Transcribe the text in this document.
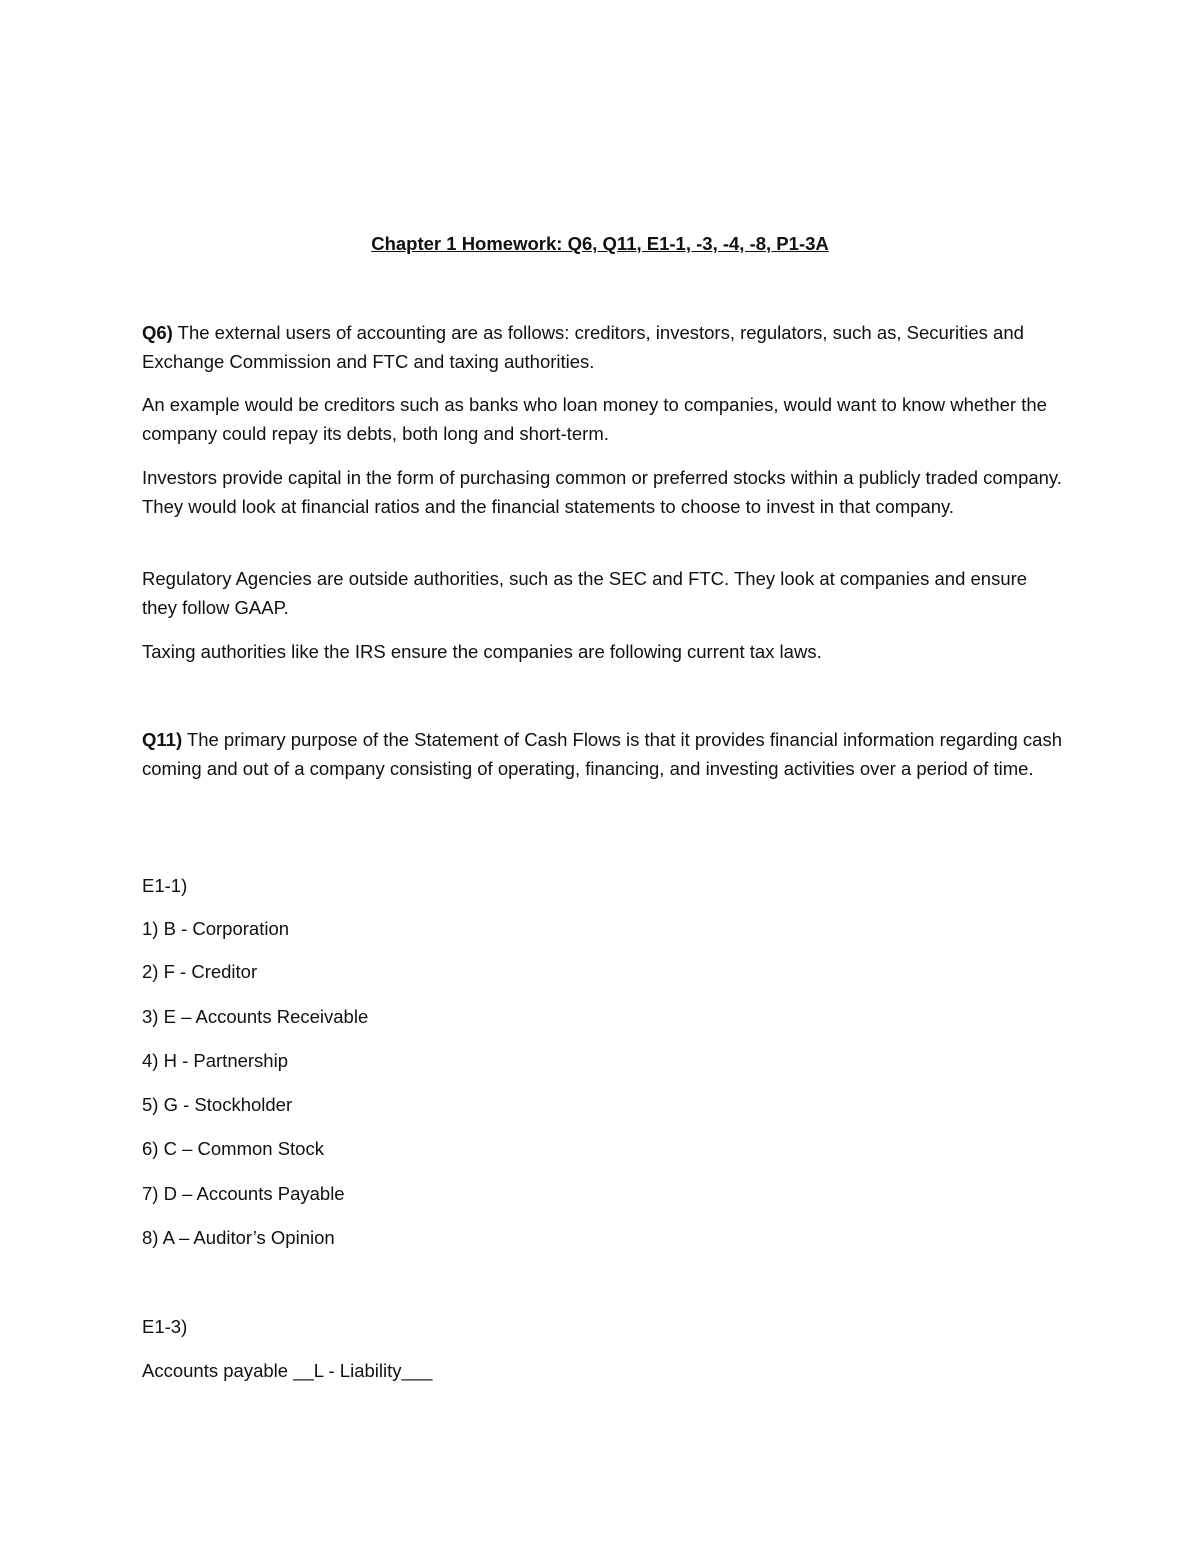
Chapter 1 Homework: Q6, Q11, E1-1, -3, -4, -8, P1-3A

Q6) The external users of accounting are as follows: creditors, investors, regulators, such as, Securities and Exchange Commission and FTC and taxing authorities.

An example would be creditors such as banks who loan money to companies, would want to know whether the company could repay its debts, both long and short-term.

Investors provide capital in the form of purchasing common or preferred stocks within a publicly traded company. They would look at financial ratios and the financial statements to choose to invest in that company.

Regulatory Agencies are outside authorities, such as the SEC and FTC. They look at companies and ensure they follow GAAP.

Taxing authorities like the IRS ensure the companies are following current tax laws.

Q11) The primary purpose of the Statement of Cash Flows is that it provides financial information regarding cash coming and out of a company consisting of operating, financing, and investing activities over a period of time.

E1-1)

1) B - Corporation

2) F - Creditor

3) E – Accounts Receivable

4) H - Partnership

5) G - Stockholder

6) C – Common Stock

7) D – Accounts Payable

8) A – Auditor’s Opinion

E1-3)

Accounts payable __L - Liability___
